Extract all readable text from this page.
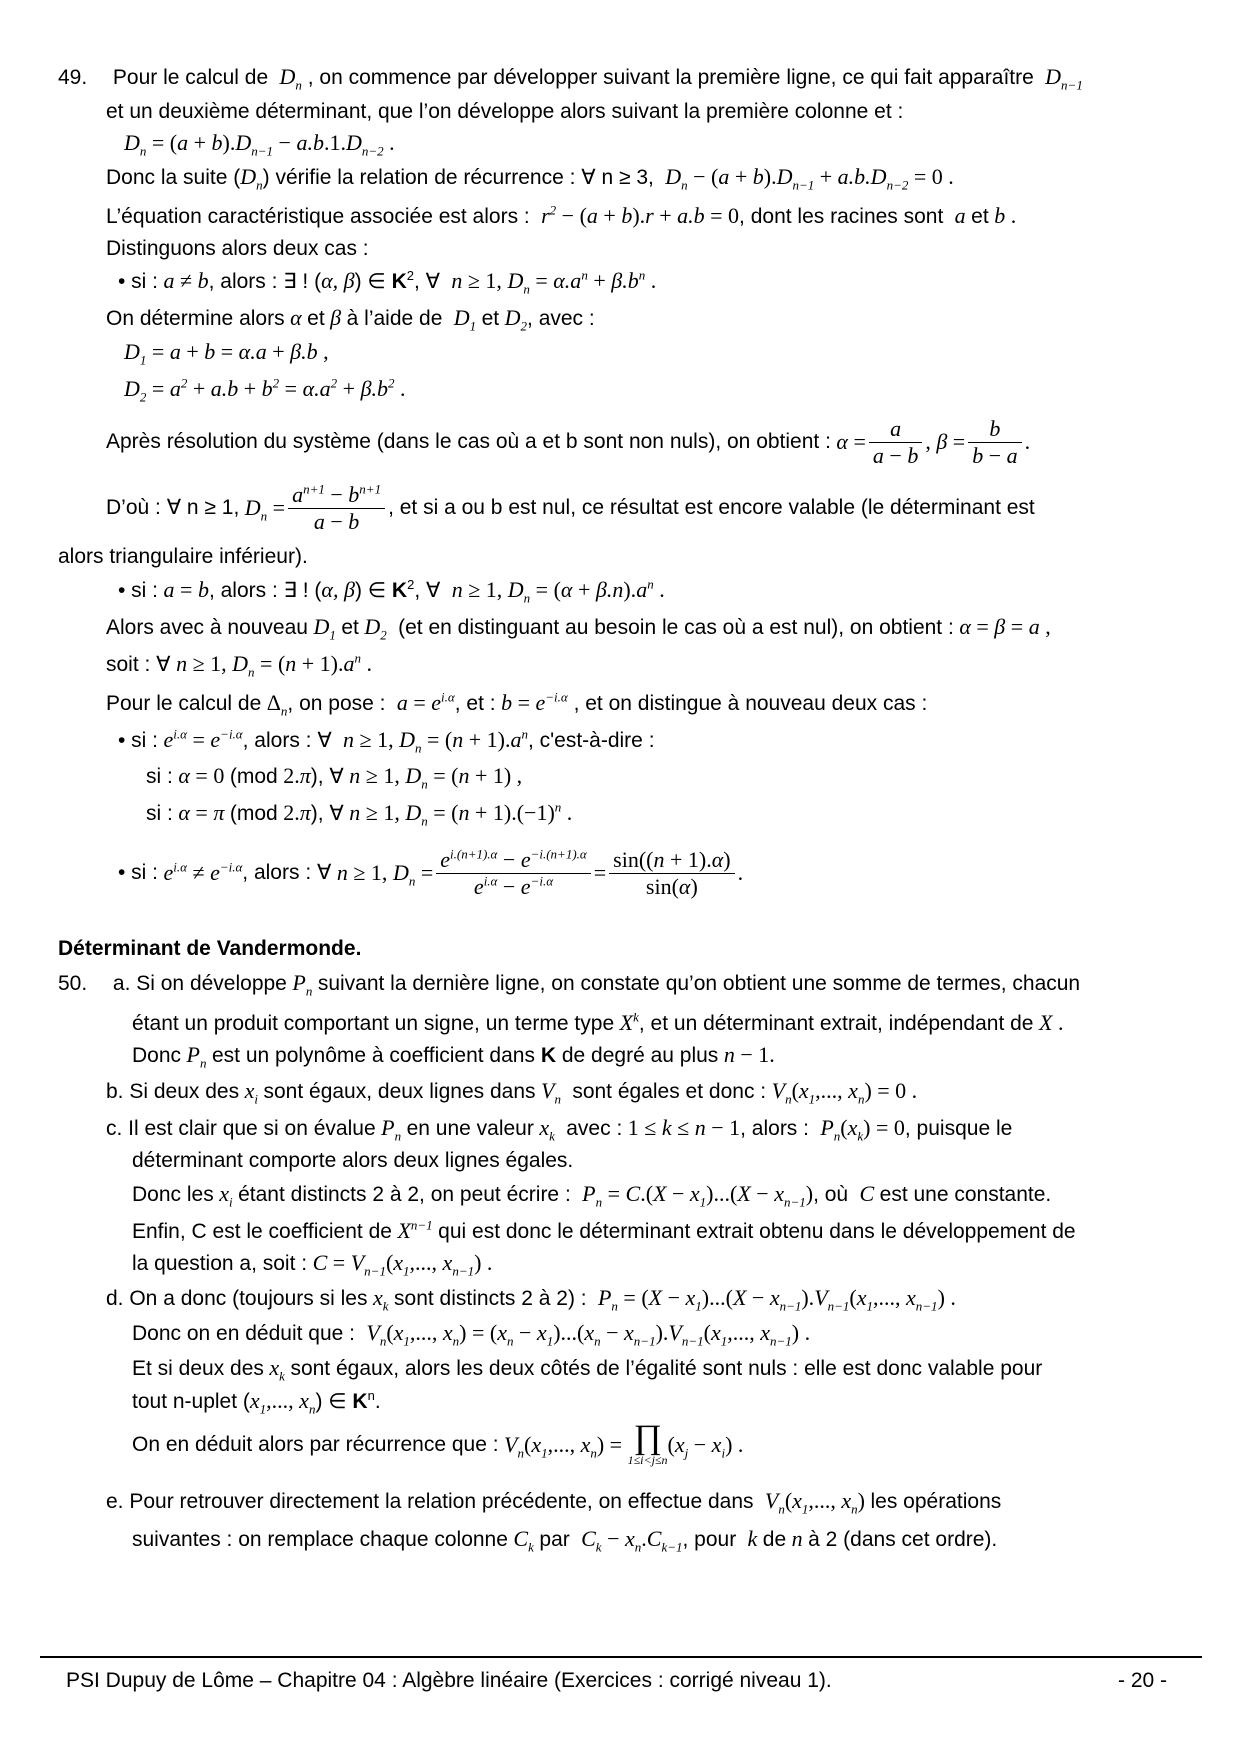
49. Pour le calcul de  $D_n$ , on commence par développer suivant la première ligne, ce qui fait apparaître  $D_{n-1}$
et un deuxième déterminant, que l’on développe alors suivant la première colonne et :
$D_n = (a + b).D_{n-1} - a.b.1.D_{n-2}$ .
Donc la suite $(D_n)$ vérifie la relation de récurrence : ∀ n ≥ 3,  $D_n - (a + b).D_{n-1} + a.b.D_{n-2} = 0$ .
L’équation caractéristique associée est alors :  $r^2 - (a + b).r + a.b = 0$, dont les racines sont  a et b .
Distinguons alors deux cas :
• si : a ≠ b, alors : ∃ ! (α, β) ∈ $K^2$, ∀  n ≥ 1, $D_n = \alpha.a^n + \beta.b^n$ .
On détermine alors α et β à l’aide de  $D_1$ et $D_2$, avec :
$D_1 = a + b = \alpha.a + \beta.b$ ,
$D_2 = a^2 + a.b + b^2 = \alpha.a^2 + \beta.b^2$ .
Après résolution du système (dans le cas où a et b sont non nuls), on obtient : $\alpha = \frac{a}{a - b}$ , $\beta = \frac{b}{b - a}$ .
D’où : ∀ n ≥ 1, $D_n = \frac{a^{n+1} - b^{n+1}}{a - b}$ , et si a ou b est nul, ce résultat est encore valable (le déterminant est
alors triangulaire inférieur).
• si : a = b, alors : ∃ ! (α, β) ∈ $K^2$, ∀  n ≥ 1, $D_n = (\alpha + \beta.n).a^n$ .
Alors avec à nouveau $D_1$ et $D_2$ (et en distinguant au besoin le cas où a est nul), on obtient : α = β = a ,
soit : ∀ n ≥ 1, $D_n = (n + 1).a^n$ .
Pour le calcul de $\Delta_n$, on pose :  $a = e^{i.\alpha}$, et : $b = e^{-i.\alpha}$ , et on distingue à nouveau deux cas :
• si : $e^{i.\alpha} = e^{-i.\alpha}$, alors : ∀  n ≥ 1, $D_n = (n + 1).a^n$, c'est-à-dire :
si : α = 0 (mod 2.π), ∀ n ≥ 1, $D_n = (n + 1)$ ,
si : α = π (mod 2.π), ∀ n ≥ 1, $D_n = (n + 1).(-1)^n$ .
• si : $e^{i.\alpha} \ne e^{-i.\alpha}$ , alors : ∀ n ≥ 1, $D_n = \frac{e^{i.(n+1).\alpha} - e^{-i.(n+1).\alpha}}{e^{i.\alpha} - e^{-i.\alpha}} = \frac{\sin((n + 1).\alpha)}{\sin(\alpha)}$ .
Déterminant de Vandermonde.
50. a. Si on développe $P_n$ suivant la dernière ligne, on constate qu’on obtient une somme de termes, chacun
étant un produit comportant un signe, un terme type $X^k$, et un déterminant extrait, indépendant de X .
Donc $P_n$ est un polynôme à coefficient dans K de degré au plus n − 1.
b. Si deux des $x_i$ sont égaux, deux lignes dans $V_n$ sont égales et donc : $V_n(x_1$,..., $x_n) = 0$ .
c. Il est clair que si on évalue $P_n$ en une valeur $x_k$ avec : 1 ≤ k ≤ n − 1, alors :  $P_n(x_k) = 0$, puisque le
déterminant comporte alors deux lignes égales.
Donc les $x_i$ étant distincts 2 à 2, on peut écrire :  $P_n = C.(X - x_1)...(X - x_{n-1})$, où  C est une constante.
Enfin, C est le coefficient de $X^{n-1}$ qui est donc le déterminant extrait obtenu dans le développement de
la question a, soit : $C = V_{n-1}(x_1$,..., $x_{n-1}$) .
d. On a donc (toujours si les $x_k$ sont distincts 2 à 2) :  $P_n = (X - x_1)...(X - x_{n-1}).V_{n-1}(x_1$,..., $x_{n-1}$) .
Donc on en déduit que :  $V_n(x_1$,..., $x_n) = (x_n - x_1)...(x_n - x_{n-1}).V_{n-1}(x_1$,..., $x_{n-1}$) .
Et si deux des $x_k$ sont égaux, alors les deux côtés de l’égalité sont nuls : elle est donc valable pour
tout n-uplet ($x_1$,..., $x_n$) ∈ $K^n$.
On en déduit alors par récurrence que : $V_n(x_1$,..., $x_n$) = ∏
1≤i<j≤n
$(x_j - x_i)$ .
e. Pour retrouver directement la relation précédente, on effectue dans  $V_n(x_1$,..., $x_n$) les opérations
suivantes : on remplace chaque colonne $C_k$ par  $C_k - x_n.C_{k-1}$, pour  k de n à 2 (dans cet ordre).
PSI Dupuy de Lôme – Chapitre 04 : Algèbre linéaire (Exercices : corrigé niveau 1).	- 20 -
